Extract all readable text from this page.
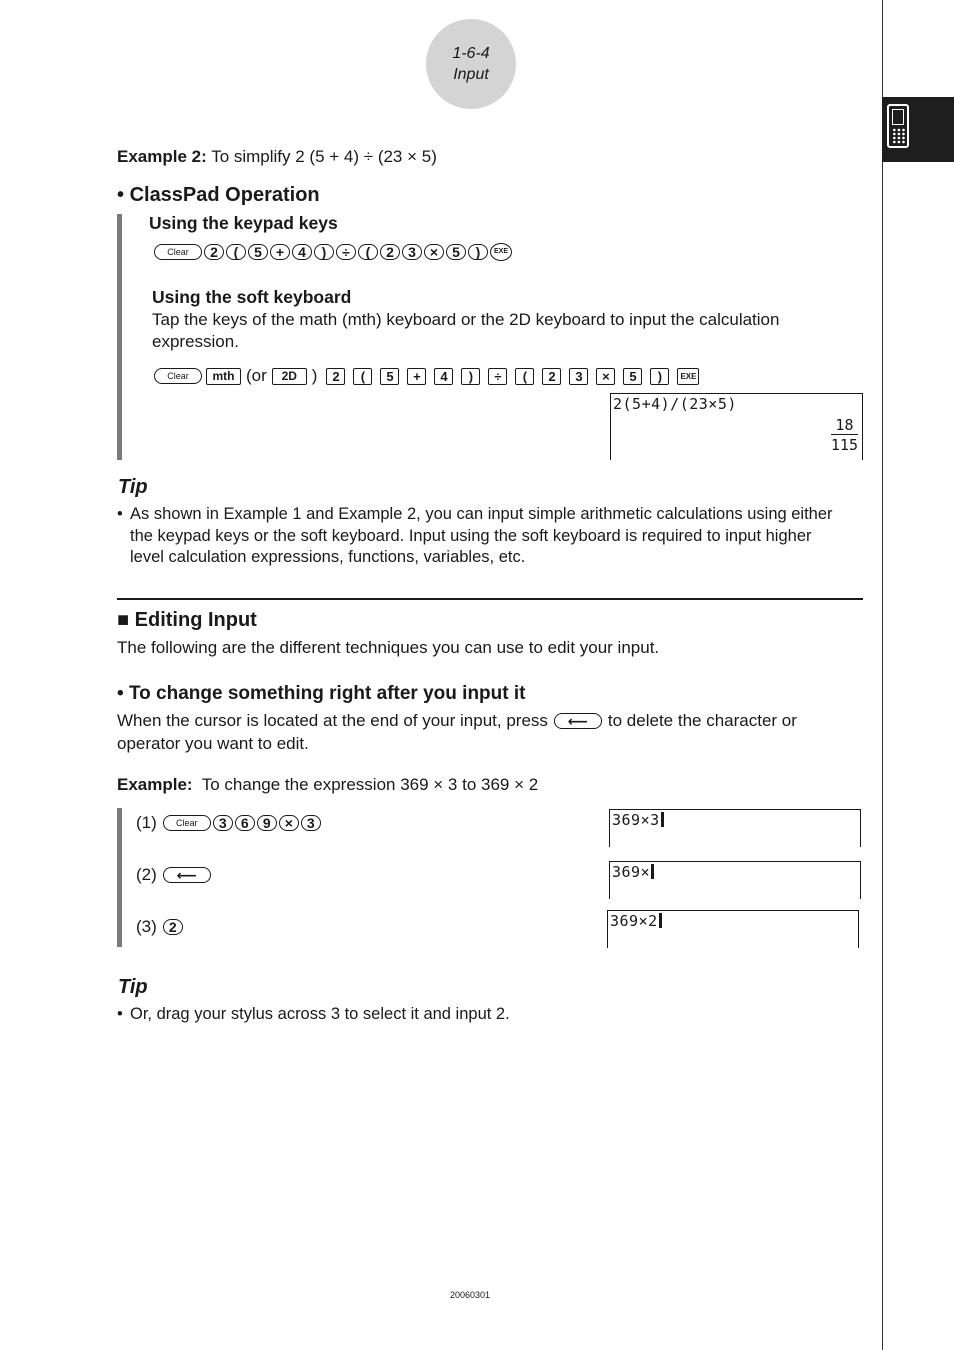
1-6-4
Input
Example 2: To simplify 2 (5 + 4) ÷ (23 × 5)
• ClassPad Operation
Using the keypad keys
Clear	2	(	5	+	4	)	÷	(	2	3	×	5	)	EXE
Using the soft keyboard
Tap the keys of the math (mth) keyboard or the 2D keyboard to input the calculation
expression.
Clear	mth (or	2D )	2	(	5	+	4	)	÷	(	2	3	×	5	)	EXE
2(5+4)/(23×5)
$\frac{18}{115}$
Tip
• As shown in Example 1 and Example 2, you can input simple arithmetic calculations using either
the keypad keys or the soft keyboard. Input using the soft keyboard is required to input higher
level calculation expressions, functions, variables, etc.
■ Editing Input
The following are the different techniques you can use to edit your input.
• To change something right after you input it
When the cursor is located at the end of your input, press	⟵	to delete the character or
operator you want to edit.
Example: To change the expression 369 × 3 to 369 × 2
(1)	Clear	3	6	9	×	3	369×3
(2)	⟵	369×
(3) 2	369×2
Tip
• Or, drag your stylus across 3 to select it and input 2.
20060301
